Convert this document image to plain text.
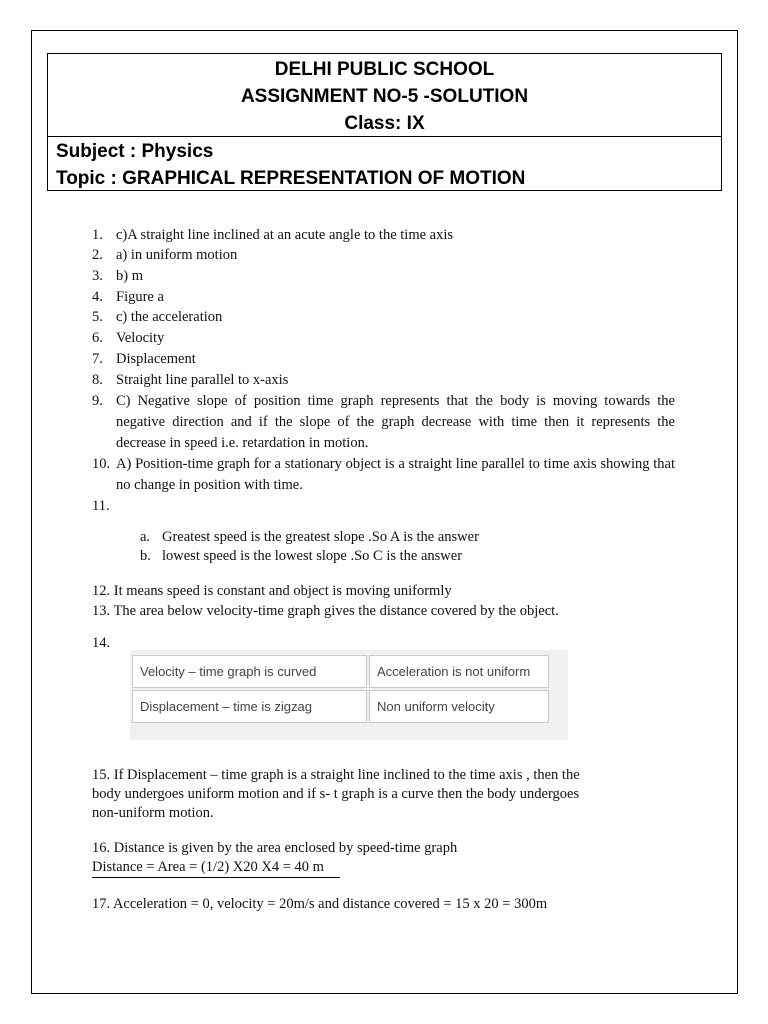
DELHI PUBLIC SCHOOL
ASSIGNMENT NO-5 -SOLUTION
Class: IX
Subject : Physics
Topic : GRAPHICAL REPRESENTATION OF MOTION
1. c)A straight line inclined at an acute angle to the time axis
2. a) in uniform motion
3. b) m
4. Figure a
5. c) the acceleration
6. Velocity
7. Displacement
8. Straight line parallel to x-axis
9. C) Negative slope of position time graph represents that the body is moving towards the negative direction and if the slope of the graph decrease with time then it represents the decrease in speed i.e. retardation in motion.
10. A) Position-time graph for a stationary object is a straight line parallel to time axis showing that no change in position with time.
11.
a. Greatest speed is the greatest slope .So A is the answer
b. lowest speed is the lowest slope .So C is the answer
12. It means speed is constant and object is moving uniformly
13. The area below velocity-time graph gives the distance covered by the object.
14.
15. If Displacement – time graph is a straight line inclined to the time axis , then the
body undergoes uniform motion and if s- t graph is a curve then the body undergoes
non-uniform motion.
16. Distance is given by the area enclosed by speed-time graph
Distance = Area = (1/2) X20 X4 = 40 m
17. Acceleration = 0, velocity = 20m/s and distance covered = 15 x 20 = 300m
Velocity – time graph is curved	Acceleration is not uniform
Displacement – time is zigzag	Non uniform velocity
